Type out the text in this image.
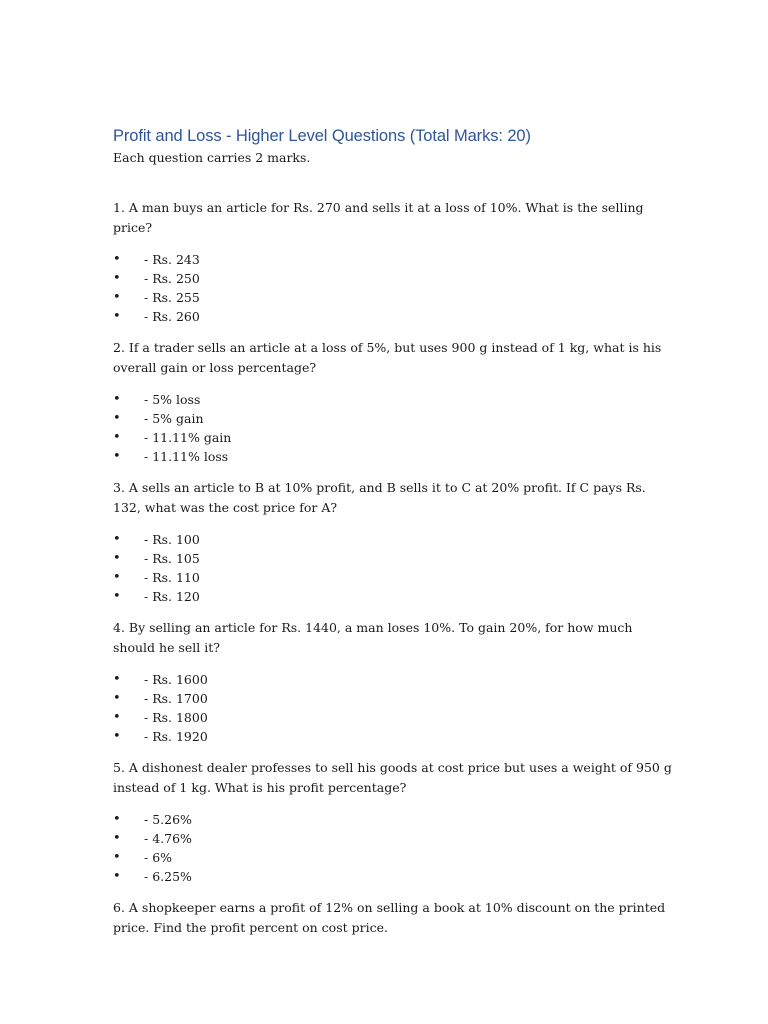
Profit and Loss - Higher Level Questions (Total Marks: 20)

Each question carries 2 marks.

1. A man buys an article for Rs. 270 and sells it at a loss of 10%. What is the selling price?

• - Rs. 243
• - Rs. 250
• - Rs. 255
• - Rs. 260

2. If a trader sells an article at a loss of 5%, but uses 900 g instead of 1 kg, what is his overall gain or loss percentage?

• - 5% loss
• - 5% gain
• - 11.11% gain
• - 11.11% loss

3. A sells an article to B at 10% profit, and B sells it to C at 20% profit. If C pays Rs. 132, what was the cost price for A?

• - Rs. 100
• - Rs. 105
• - Rs. 110
• - Rs. 120

4. By selling an article for Rs. 1440, a man loses 10%. To gain 20%, for how much should he sell it?

• - Rs. 1600
• - Rs. 1700
• - Rs. 1800
• - Rs. 1920

5. A dishonest dealer professes to sell his goods at cost price but uses a weight of 950 g instead of 1 kg. What is his profit percentage?

• - 5.26%
• - 4.76%
• - 6%
• - 6.25%

6. A shopkeeper earns a profit of 12% on selling a book at 10% discount on the printed price. Find the profit percent on cost price.
